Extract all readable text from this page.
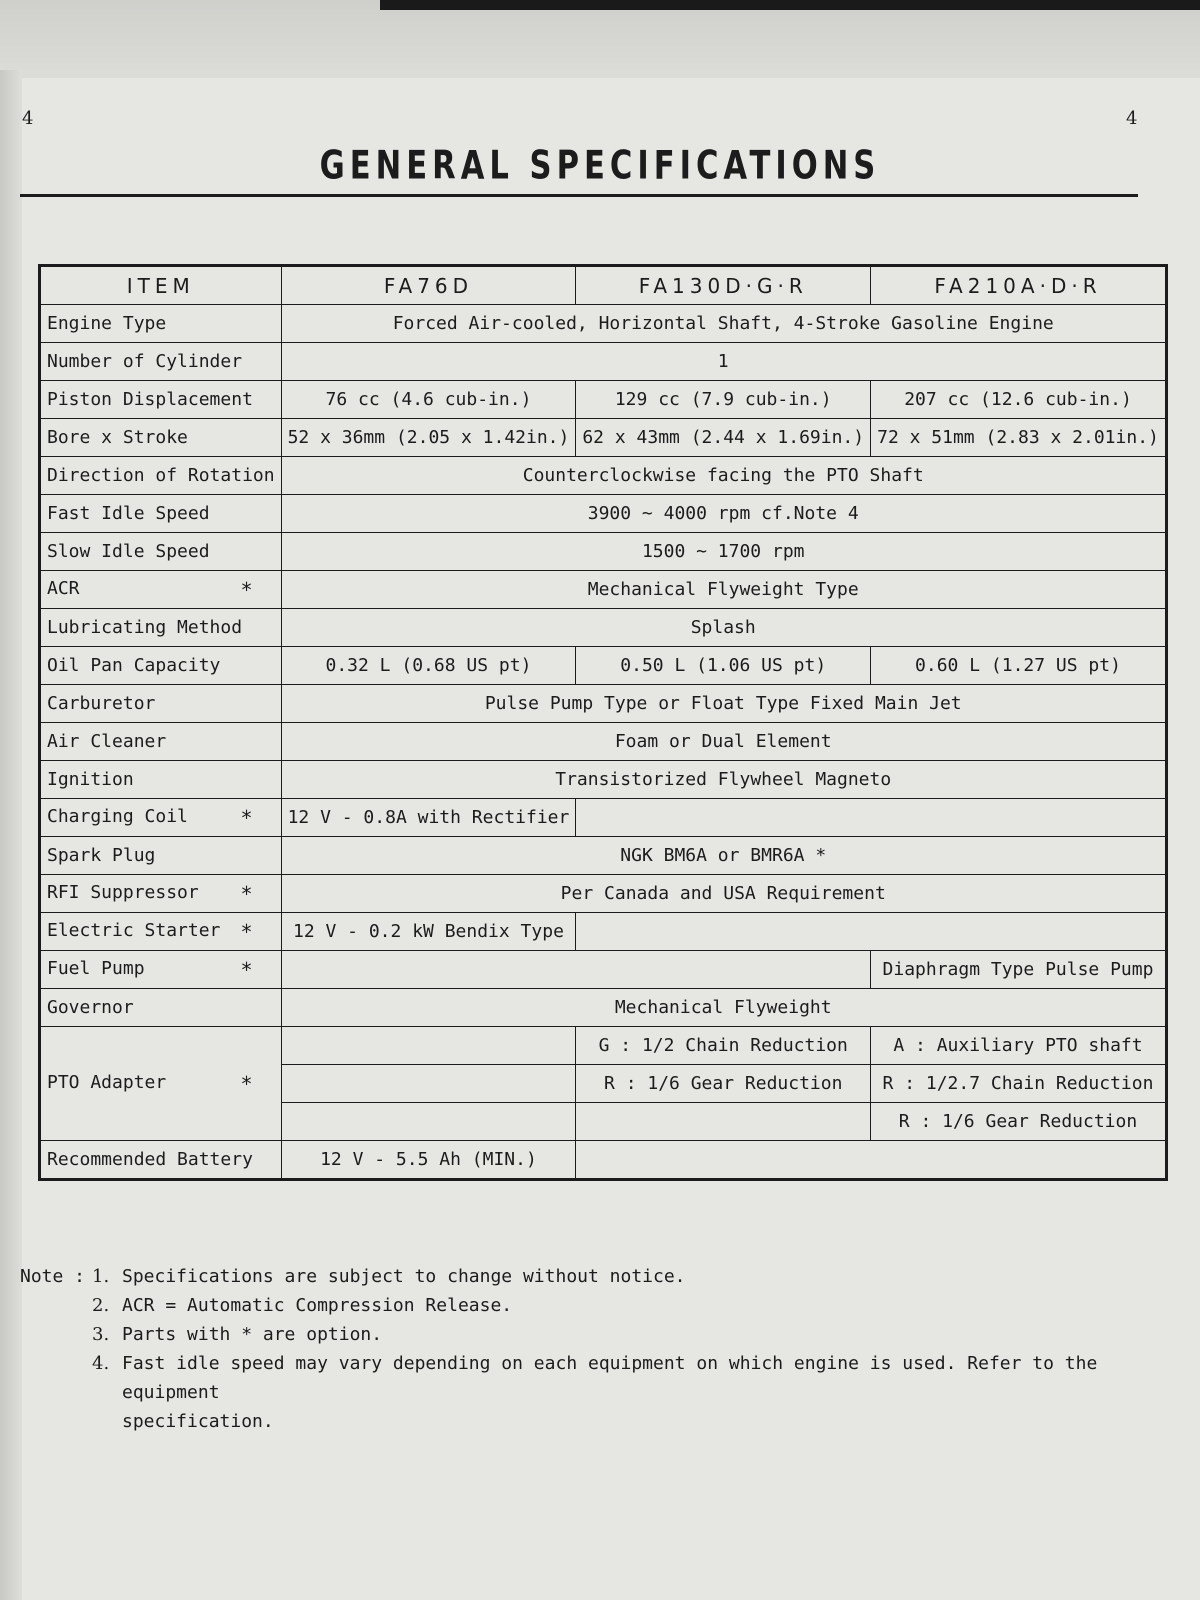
4	4
GENERAL SPECIFICATIONS
ITEM	FA76D	FA130D·G·R	FA210A·D·R
Engine Type	Forced Air-cooled, Horizontal Shaft, 4-Stroke Gasoline Engine		
Number of Cylinder	1		
Piston Displacement	76 cc (4.6 cub-in.)	129 cc (7.9 cub-in.)	207 cc (12.6 cub-in.)
Bore x Stroke	52 x 36mm (2.05 x 1.42in.)	62 x 43mm (2.44 x 1.69in.)	72 x 51mm (2.83 x 2.01in.)
Direction of Rotation	Counterclockwise facing the PTO Shaft		
Fast Idle Speed	3900 ~ 4000 rpm cf.Note 4		
Slow Idle Speed	1500 ~ 1700 rpm		
ACR *	Mechanical Flyweight Type		
Lubricating Method	Splash		
Oil Pan Capacity	0.32 L (0.68 US pt)	0.50 L (1.06 US pt)	0.60 L (1.27 US pt)
Carburetor	Pulse Pump Type or Float Type Fixed Main Jet		
Air Cleaner	Foam or Dual Element		
Ignition	Transistorized Flywheel Magneto		
Charging Coil *	12 V - 0.8A with Rectifier		
Spark Plug	NGK BM6A or BMR6A *		
RFI Suppressor *	Per Canada and USA Requirement		
Electric Starter *	12 V - 0.2 kW Bendix Type		
Fuel Pump *			Diaphragm Type Pulse Pump
Governor	Mechanical Flyweight		
PTO Adapter *		G : 1/2 Chain Reduction	A : Auxiliary PTO shaft
		R : 1/6 Gear Reduction	R : 1/2.7 Chain Reduction
			R : 1/6 Gear Reduction
Recommended Battery	12 V - 5.5 Ah (MIN.)		
Note : 1. Specifications are subject to change without notice.
2. ACR = Automatic Compression Release.
3. Parts with * are option.
4. Fast idle speed may vary depending on each equipment on which engine is used. Refer to the equipment
specification.
